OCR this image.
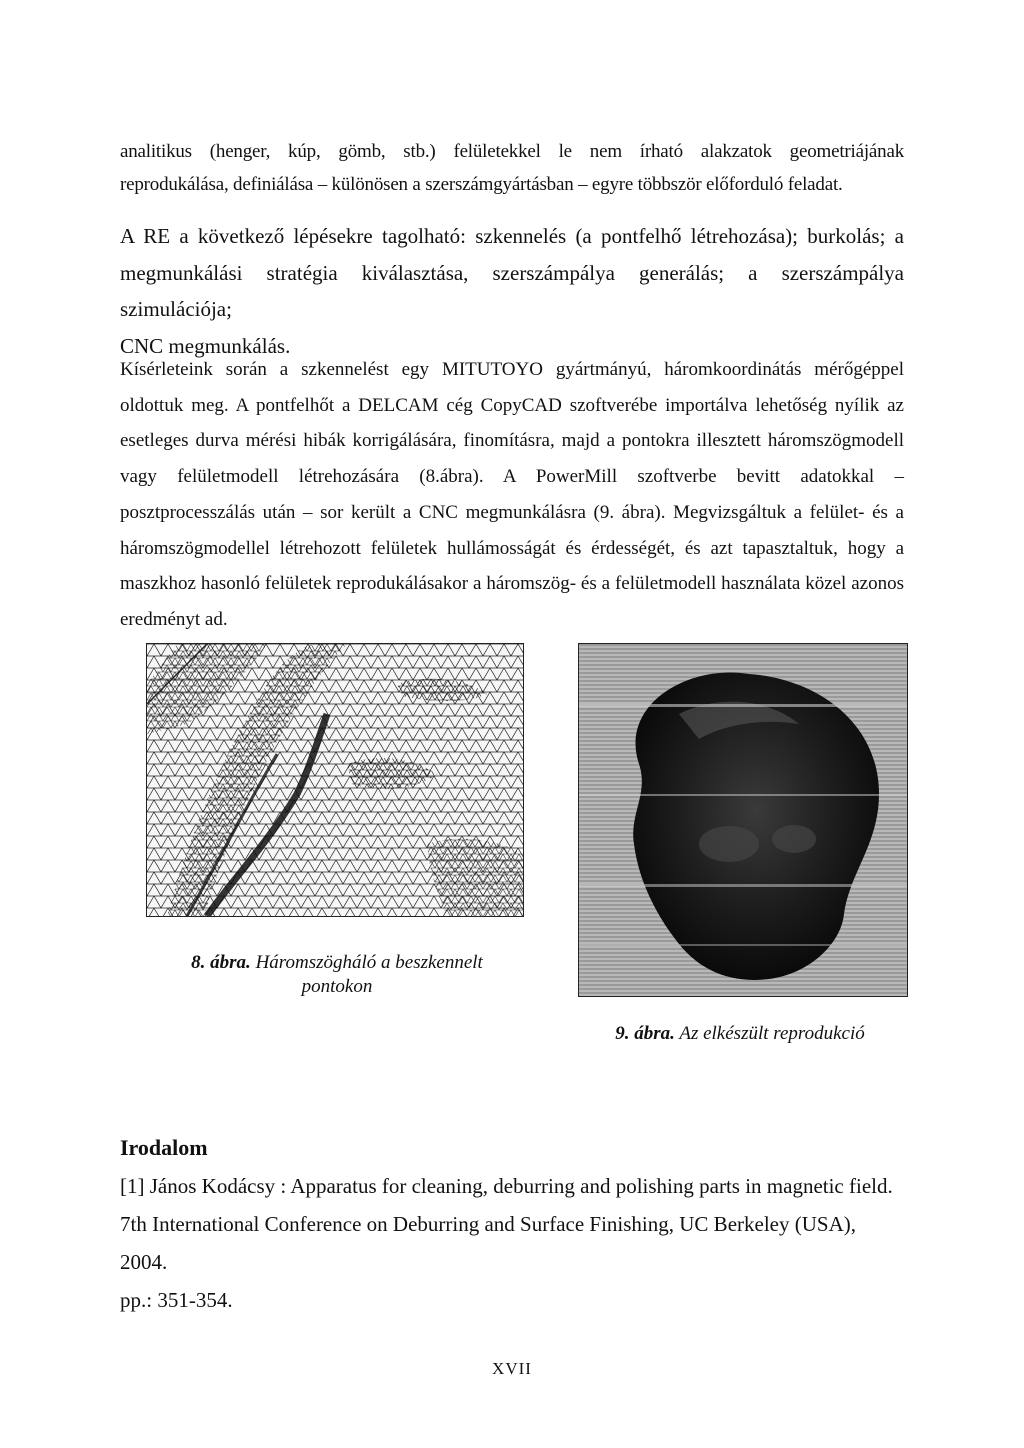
analitikus (henger, kúp, gömb, stb.) felületekkel le nem írható alakzatok geometriájának
reprodukálása, definiálása – különösen a szerszámgyártásban – egyre többször előforduló feladat.
A RE a következő lépésekre tagolható: szkennelés (a pontfelhő létrehozása); burkolás; a
megmunkálási stratégia kiválasztása, szerszámpálya generálás; a szerszámpálya szimulációja;
CNC megmunkálás.
Kísérleteink során a szkennelést egy MITUTOYO gyártmányú, háromkoordinátás mérőgéppel
oldottuk meg. A pontfelhőt a DELCAM cég CopyCAD szoftverébe importálva lehetőség nyílik az
esetleges durva mérési hibák korrigálására, finomításra, majd a pontokra illesztett háromszögmodell
vagy felületmodell létrehozására (8.ábra). A PowerMill szoftverbe bevitt adatokkal –
posztprocesszálás után – sor került a CNC megmunkálásra (9. ábra). Megvizsgáltuk a felület- és a
háromszögmodellel létrehozott felületek hullámosságát és érdességét, és azt tapasztaltuk, hogy a
maszkhoz hasonló felületek reprodukálásakor a háromszög- és a felületmodell használata közel azonos
eredményt ad.
8. ábra. Háromszögháló a beszkennelt
pontokon
9. ábra. Az elkészült reprodukció
Irodalom
[1] János Kodácsy : Apparatus for cleaning, deburring and polishing parts in magnetic field.
7th International Conference on Deburring and Surface Finishing, UC Berkeley (USA), 2004.
pp.: 351-354.
XVII
